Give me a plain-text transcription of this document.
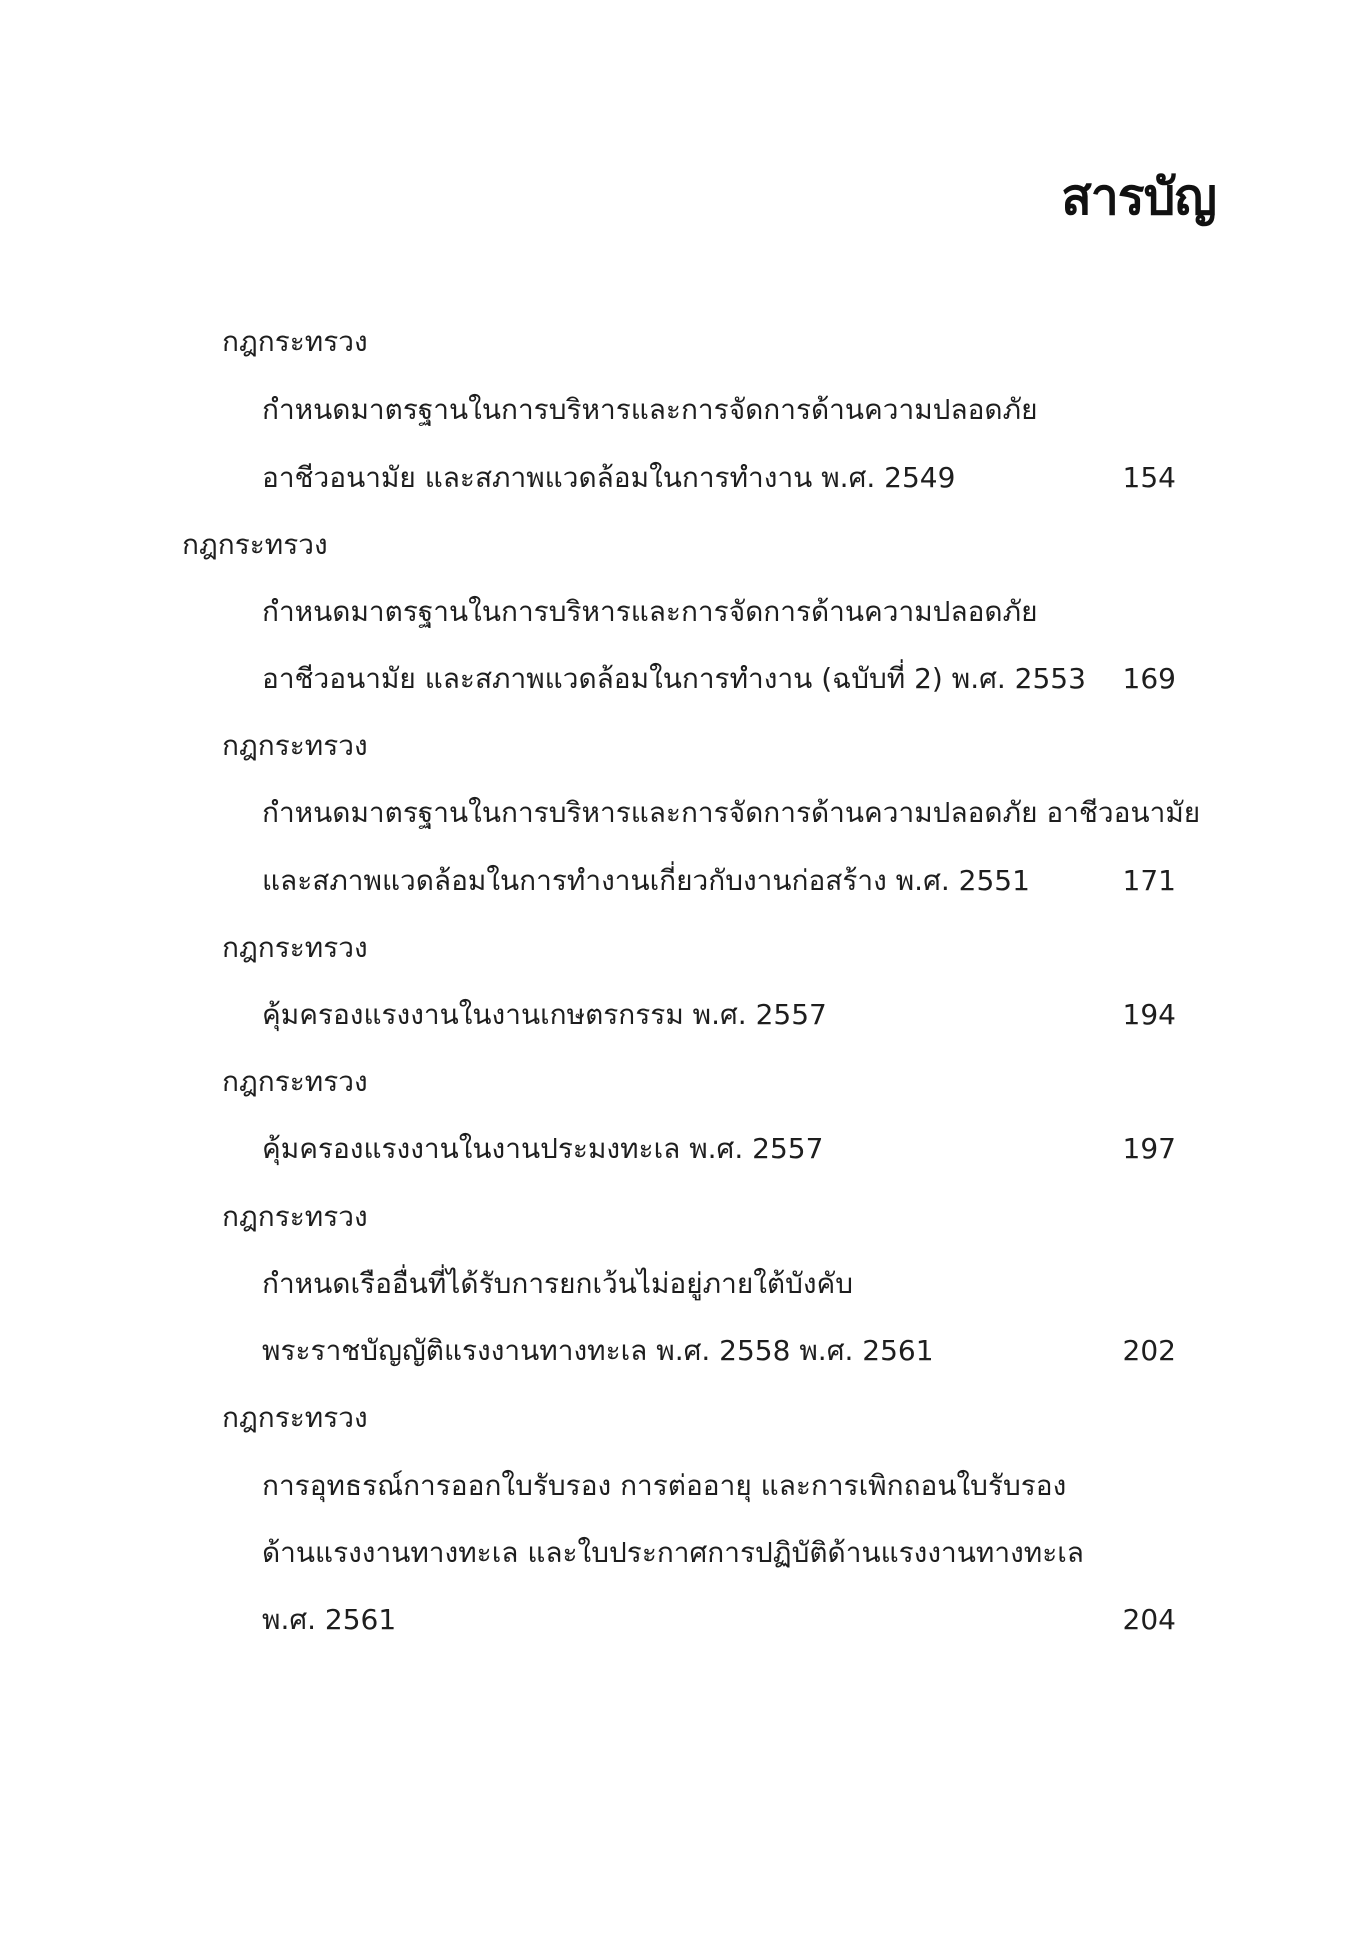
สารบัญ
กฎกระทรวง
กำหนดมาตรฐานในการบริหารและการจัดการด้านความปลอดภัย
อาชีวอนามัย และสภาพแวดล้อมในการทำงาน พ.ศ. 2549	154
กฎกระทรวง
กำหนดมาตรฐานในการบริหารและการจัดการด้านความปลอดภัย
อาชีวอนามัย และสภาพแวดล้อมในการทำงาน (ฉบับที่ 2) พ.ศ. 2553	169
กฎกระทรวง
กำหนดมาตรฐานในการบริหารและการจัดการด้านความปลอดภัย อาชีวอนามัย
และสภาพแวดล้อมในการทำงานเกี่ยวกับงานก่อสร้าง พ.ศ. 2551	171
กฎกระทรวง
คุ้มครองแรงงานในงานเกษตรกรรม พ.ศ. 2557	194
กฎกระทรวง
คุ้มครองแรงงานในงานประมงทะเล พ.ศ. 2557	197
กฎกระทรวง
กำหนดเรืออื่นที่ได้รับการยกเว้นไม่อยู่ภายใต้บังคับ
พระราชบัญญัติแรงงานทางทะเล พ.ศ. 2558 พ.ศ. 2561	202
กฎกระทรวง
การอุทธรณ์การออกใบรับรอง การต่ออายุ และการเพิกถอนใบรับรอง
ด้านแรงงานทางทะเล และใบประกาศการปฏิบัติด้านแรงงานทางทะเล
พ.ศ. 2561	204
